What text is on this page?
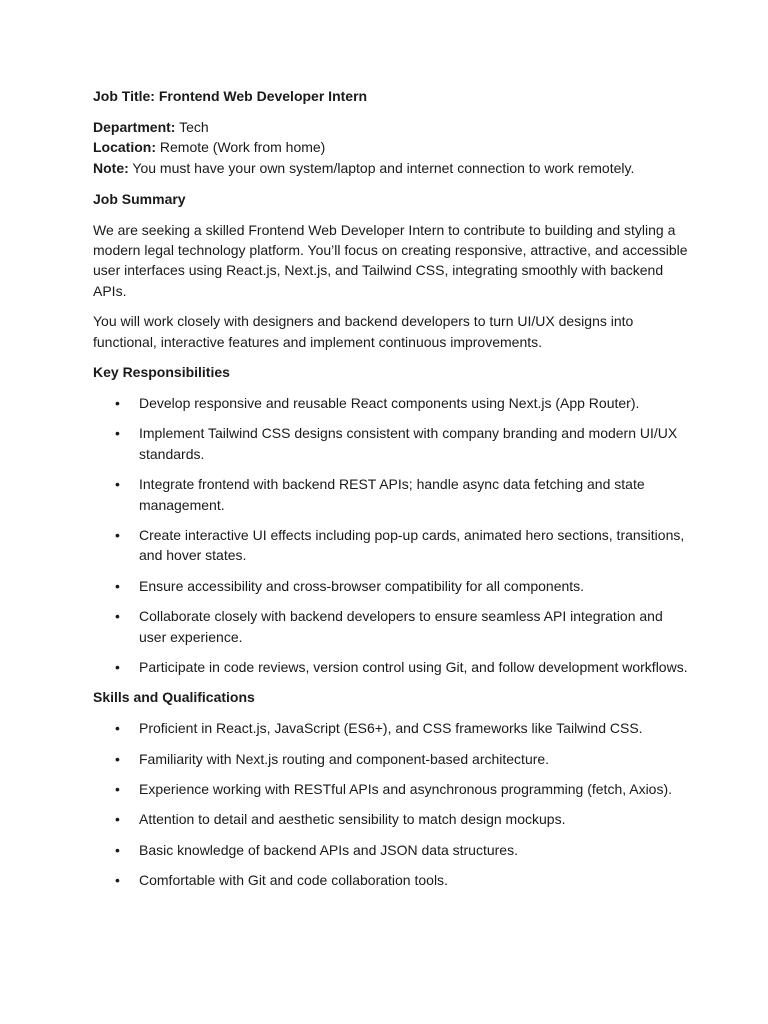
Job Title: Frontend Web Developer Intern

Department: Tech

Location: Remote (Work from home)

Note: You must have your own system/laptop and internet connection to work remotely.

Job Summary

We are seeking a skilled Frontend Web Developer Intern to contribute to building and styling a modern legal technology platform. You’ll focus on creating responsive, attractive, and accessible user interfaces using React.js, Next.js, and Tailwind CSS, integrating smoothly with backend APIs.

You will work closely with designers and backend developers to turn UI/UX designs into functional, interactive features and implement continuous improvements.

Key Responsibilities

• Develop responsive and reusable React components using Next.js (App Router).
• Implement Tailwind CSS designs consistent with company branding and modern UI/UX standards.
• Integrate frontend with backend REST APIs; handle async data fetching and state management.
• Create interactive UI effects including pop-up cards, animated hero sections, transitions, and hover states.
• Ensure accessibility and cross-browser compatibility for all components.
• Collaborate closely with backend developers to ensure seamless API integration and user experience.
• Participate in code reviews, version control using Git, and follow development workflows.

Skills and Qualifications

• Proficient in React.js, JavaScript (ES6+), and CSS frameworks like Tailwind CSS.
• Familiarity with Next.js routing and component-based architecture.
• Experience working with RESTful APIs and asynchronous programming (fetch, Axios).
• Attention to detail and aesthetic sensibility to match design mockups.
• Basic knowledge of backend APIs and JSON data structures.
• Comfortable with Git and code collaboration tools.
